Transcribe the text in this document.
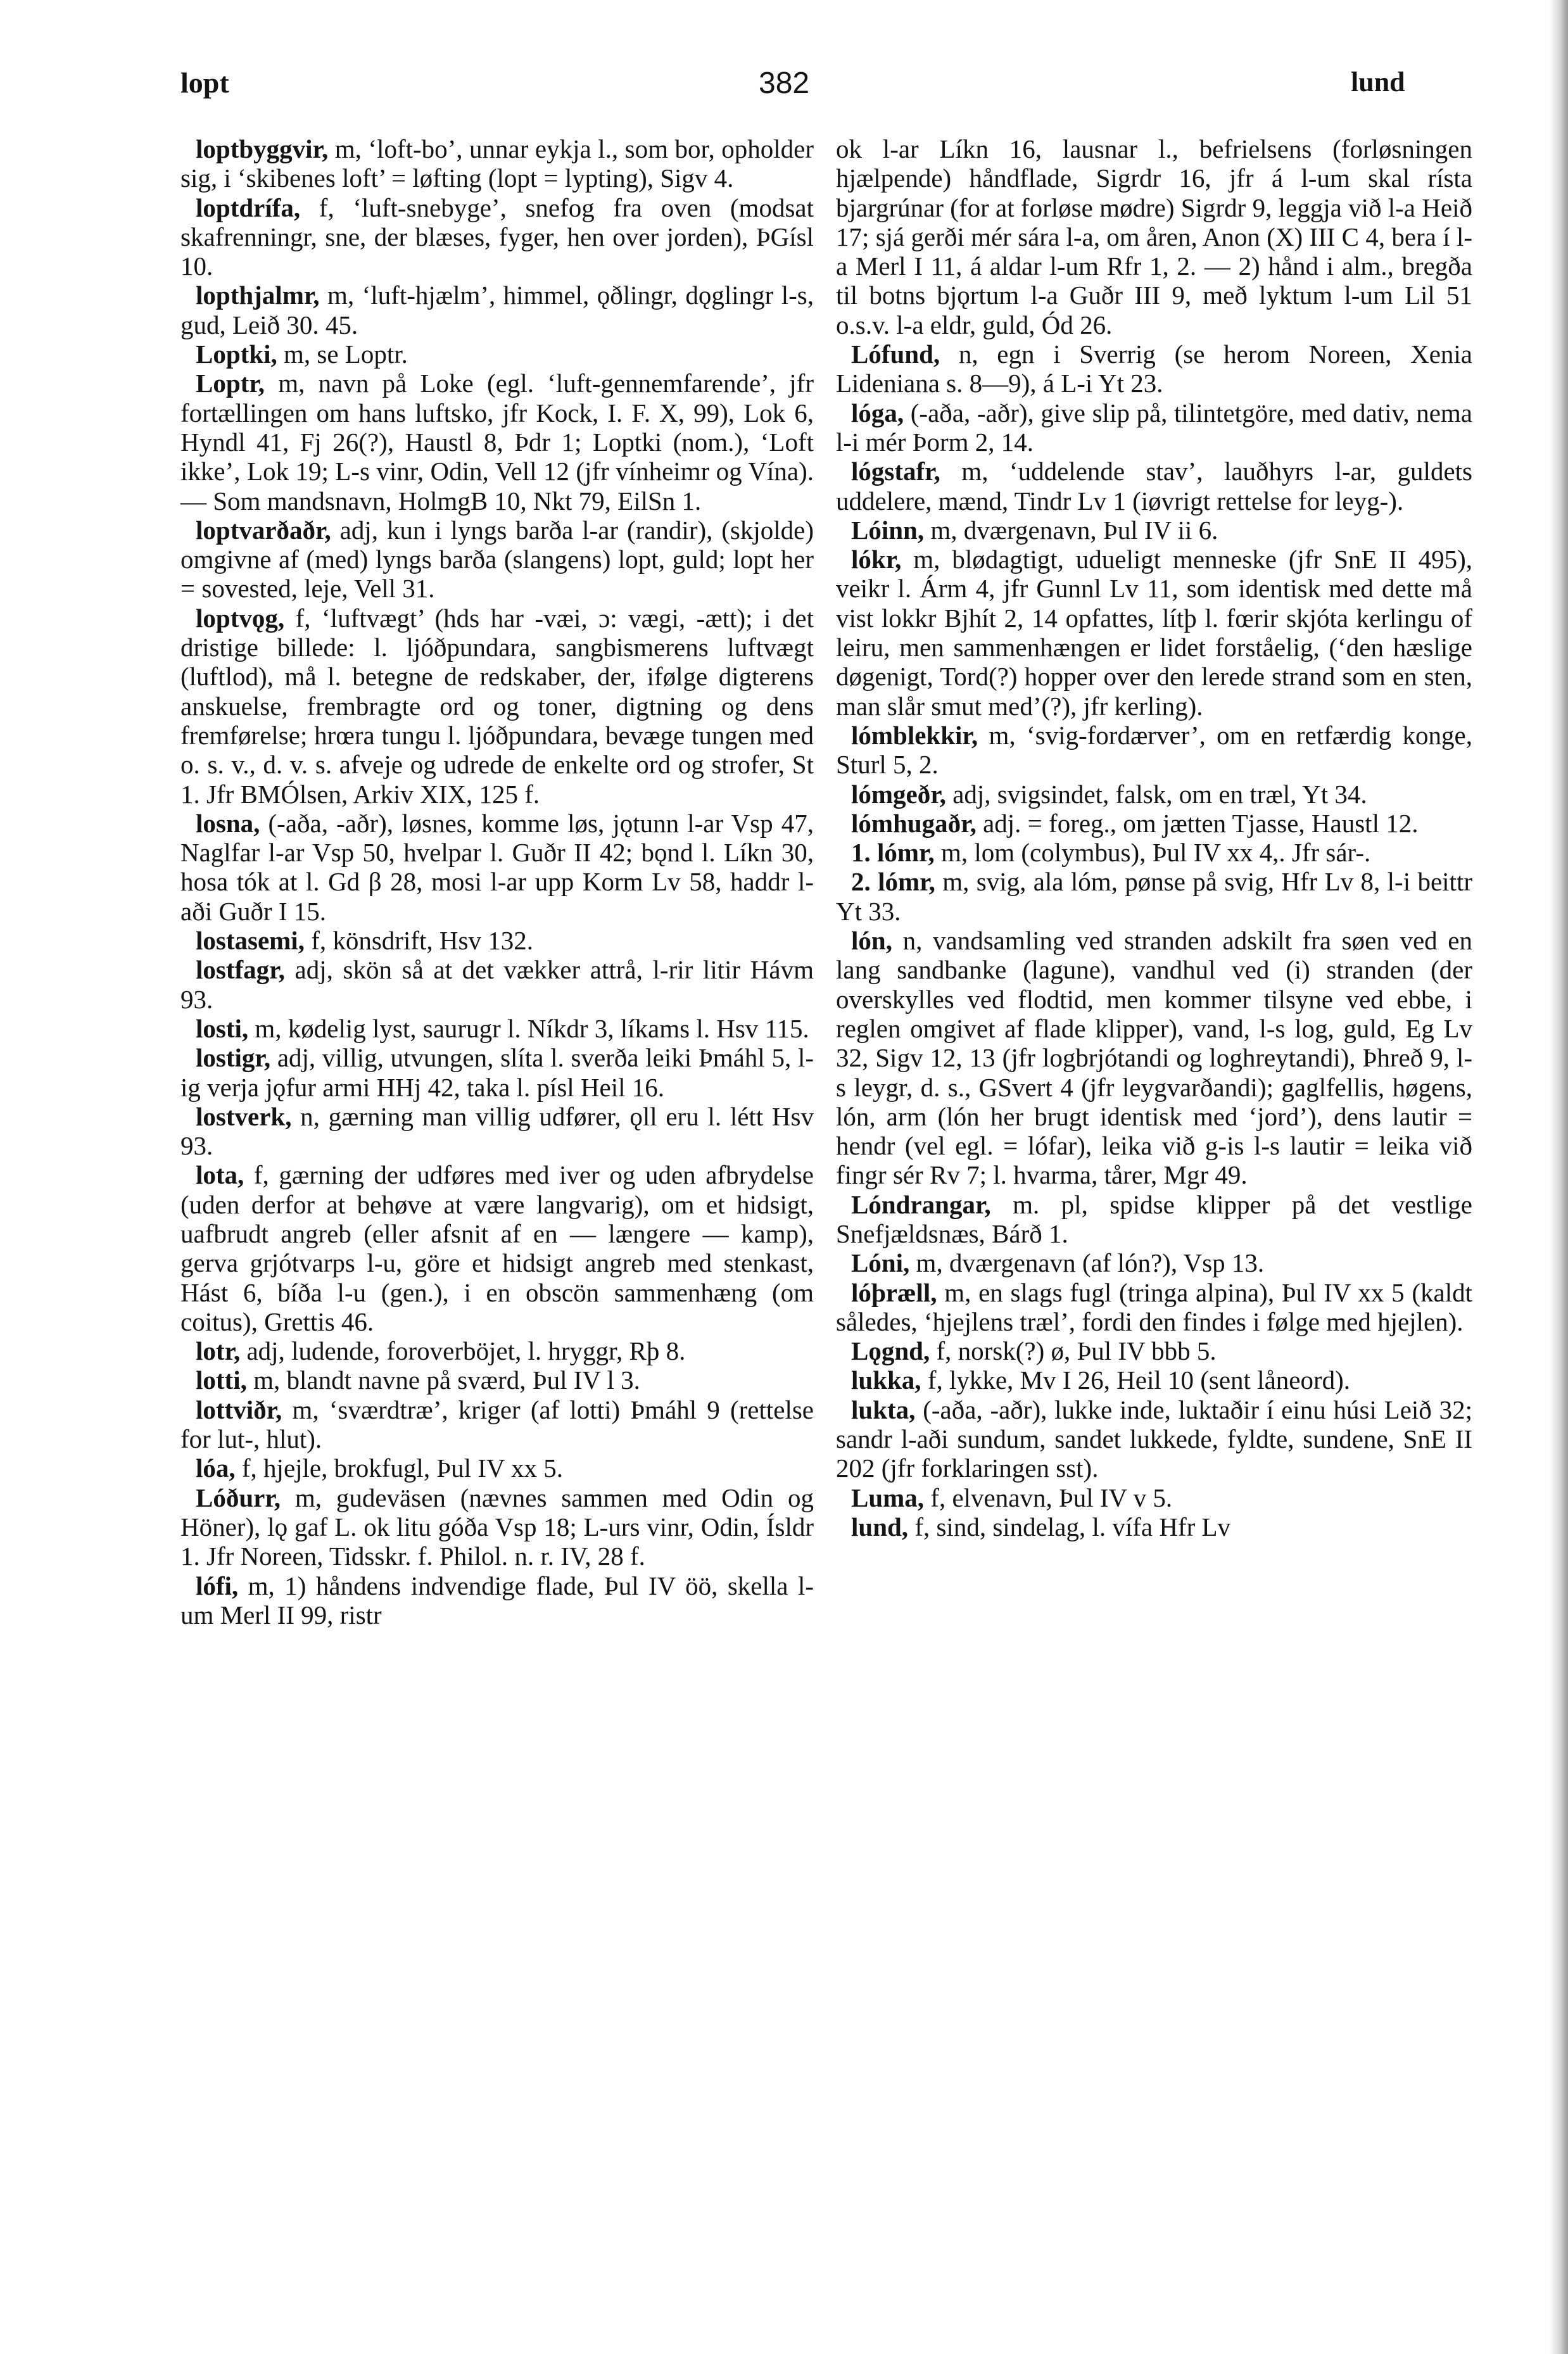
lopt	382	lund

loptbyggvir, m, ‘loft-bo’, unnar eykja l., som bor, opholder sig, i ‘skibenes loft’ = løfting (lopt = lypting), Sigv 4.

loptdrífa, f, ‘luft-snebyge’, snefog fra oven (modsat skafrenningr, sne, der blæses, fyger, hen over jorden), ÞGísl 10.

lopthjalmr, m, ‘luft-hjælm’, himmel, ǫðlingr, dǫglingr l-s, gud, Leið 30. 45.

Loptki, m, se Loptr.

Loptr, m, navn på Loke (egl. ‘luft-gennemfarende’, jfr fortællingen om hans luftsko, jfr Kock, I. F. X, 99), Lok 6, Hyndl 41, Fj 26(?), Haustl 8, Þdr 1; Loptki (nom.), ‘Loft ikke’, Lok 19; L-s vinr, Odin, Vell 12 (jfr vínheimr og Vína). — Som mandsnavn, HolmgB 10, Nkt 79, EilSn 1.

loptvarðaðr, adj, kun i lyngs barða l-ar (randir), (skjolde) omgivne af (med) lyngs barða (slangens) lopt, guld; lopt her = sovested, leje, Vell 31.

loptvǫg, f, ‘luftvægt’ (hds har -væi, ɔ: vægi, -ætt); i det dristige billede: l. ljóðpundara, sangbismerens luftvægt (luftlod), må l. betegne de redskaber, der, ifølge digterens anskuelse, frembragte ord og toner, digtning og dens fremførelse; hrœra tungu l. ljóðpundara, bevæge tungen med o. s. v., d. v. s. afveje og udrede de enkelte ord og strofer, St 1. Jfr BMÓlsen, Arkiv XIX, 125 f.

losna, (-aða, -aðr), løsnes, komme løs, jǫtunn l-ar Vsp 47, Naglfar l-ar Vsp 50, hvelpar l. Guðr II 42; bǫnd l. Líkn 30, hosa tók at l. Gd β 28, mosi l-ar upp Korm Lv 58, haddr l-aði Guðr I 15.

lostasemi, f, könsdrift, Hsv 132.

lostfagr, adj, skön så at det vækker attrå, l-rir litir Hávm 93.

losti, m, kødelig lyst, saurugr l. Níkdr 3, líkams l. Hsv 115.

lostigr, adj, villig, utvungen, slíta l. sverða leiki Þmáhl 5, l-ig verja jǫfur armi HHj 42, taka l. písl Heil 16.

lostverk, n, gærning man villig udfører, ǫll eru l. létt Hsv 93.

lota, f, gærning der udføres med iver og uden afbrydelse (uden derfor at behøve at være langvarig), om et hidsigt, uafbrudt angreb (eller afsnit af en — længere — kamp), gerva grjótvarps l-u, göre et hidsigt angreb med stenkast, Hást 6, bíða l-u (gen.), i en obscön sammenhæng (om coitus), Grettis 46.

lotr, adj, ludende, foroverböjet, l. hryggr, Rþ 8.

lotti, m, blandt navne på sværd, Þul IV l 3.

lottviðr, m, ‘sværdtræ’, kriger (af lotti) Þmáhl 9 (rettelse for lut-, hlut).

lóa, f, hjejle, brokfugl, Þul IV xx 5.

Lóðurr, m, gudeväsen (nævnes sammen med Odin og Höner), lǫ gaf L. ok litu góða Vsp 18; L-urs vinr, Odin, Ísldr 1. Jfr Noreen, Tidsskr. f. Philol. n. r. IV, 28 f.

lófi, m, 1) håndens indvendige flade, Þul IV öö, skella l-um Merl II 99, ristr

ok l-ar Líkn 16, lausnar l., befrielsens (forløsningen hjælpende) håndflade, Sigrdr 16, jfr á l-um skal rísta bjargrúnar (for at forløse mødre) Sigrdr 9, leggja við l-a Heið 17; sjá gerði mér sára l-a, om åren, Anon (X) III C 4, bera í l-a Merl I 11, á aldar l-um Rfr 1, 2. — 2) hånd i alm., bregða til botns bjǫrtum l-a Guðr III 9, með lyktum l-um Lil 51 o.s.v. l-a eldr, guld, Ód 26.

Lófund, n, egn i Sverrig (se herom Noreen, Xenia Lideniana s. 8—9), á L-i Yt 23.

lóga, (-aða, -aðr), give slip på, tilintetgöre, med dativ, nema l-i mér Þorm 2, 14.

lógstafr, m, ‘uddelende stav’, lauðhyrs l-ar, guldets uddelere, mænd, Tindr Lv 1 (iøvrigt rettelse for leyg-).

Lóinn, m, dværgenavn, Þul IV ii 6.

lókr, m, blødagtigt, udueligt menneske (jfr SnE II 495), veikr l. Árm 4, jfr Gunnl Lv 11, som identisk med dette må vist lokkr Bjhít 2, 14 opfattes, lítþ l. fœrir skjóta kerlingu of leiru, men sammenhængen er lidet forståelig, (‘den hæslige døgenigt, Tord(?) hopper over den lerede strand som en sten, man slår smut med’(?), jfr kerling).

lómblekkir, m, ‘svig-fordærver’, om en retfærdig konge, Sturl 5, 2.

lómgeðr, adj, svigsindet, falsk, om en træl, Yt 34.

lómhugaðr, adj. = foreg., om jætten Tjasse, Haustl 12.

1. lómr, m, lom (colymbus), Þul IV xx 4,. Jfr sár-.

2. lómr, m, svig, ala lóm, pønse på svig, Hfr Lv 8, l-i beittr Yt 33.

lón, n, vandsamling ved stranden adskilt fra søen ved en lang sandbanke (lagune), vandhul ved (i) stranden (der overskylles ved flodtid, men kommer tilsyne ved ebbe, i reglen omgivet af flade klipper), vand, l-s log, guld, Eg Lv 32, Sigv 12, 13 (jfr logbrjótandi og loghreytandi), Þhreð 9, l-s leygr, d. s., GSvert 4 (jfr leygvarðandi); gaglfellis, høgens, lón, arm (lón her brugt identisk med ‘jord’), dens lautir = hendr (vel egl. = lófar), leika við g-is l-s lautir = leika við fingr sér Rv 7; l. hvarma, tårer, Mgr 49.

Lóndrangar, m. pl, spidse klipper på det vestlige Snefjældsnæs, Bárð 1.

Lóni, m, dværgenavn (af lón?), Vsp 13.

lóþræll, m, en slags fugl (tringa alpina), Þul IV xx 5 (kaldt således, ‘hjejlens træl’, fordi den findes i følge med hjejlen).

Lǫgnd, f, norsk(?) ø, Þul IV bbb 5.

lukka, f, lykke, Mv I 26, Heil 10 (sent låneord).

lukta, (-aða, -aðr), lukke inde, luktaðir í einu húsi Leið 32; sandr l-aði sundum, sandet lukkede, fyldte, sundene, SnE II 202 (jfr forklaringen sst).

Luma, f, elvenavn, Þul IV v 5.

lund, f, sind, sindelag, l. vífa Hfr Lv
